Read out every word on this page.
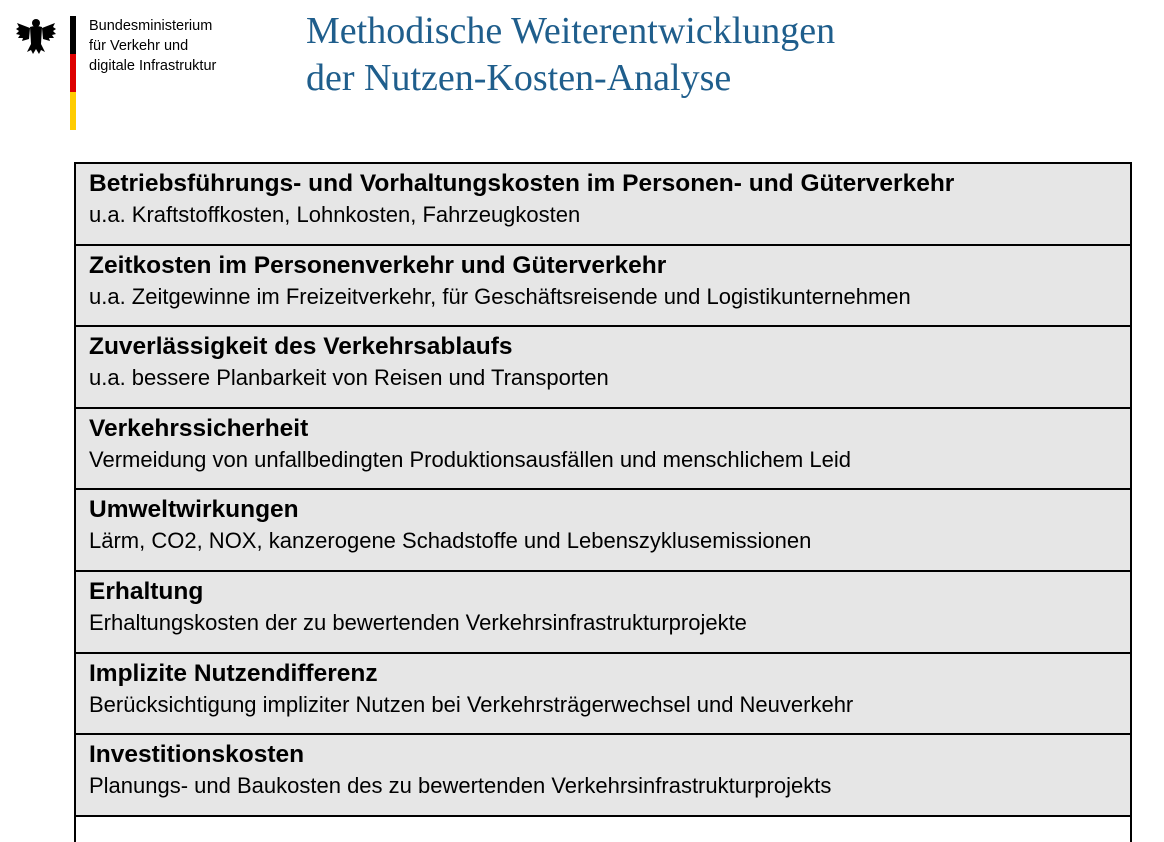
Bundesministerium
für Verkehr und
digitale Infrastruktur
Methodische Weiterentwicklungen
der Nutzen-Kosten-Analyse
Betriebsführungs- und Vorhaltungskosten im Personen- und Güterverkehr
u.a. Kraftstoffkosten, Lohnkosten, Fahrzeugkosten
Zeitkosten im Personenverkehr und Güterverkehr
u.a. Zeitgewinne im Freizeitverkehr, für Geschäftsreisende und Logistikunternehmen
Zuverlässigkeit des Verkehrsablaufs
u.a. bessere Planbarkeit von Reisen und Transporten
Verkehrssicherheit
Vermeidung von unfallbedingten Produktionsausfällen und menschlichem Leid
Umweltwirkungen
Lärm, CO2, NOX, kanzerogene Schadstoffe und Lebenszyklusemissionen
Erhaltung
Erhaltungskosten der zu bewertenden Verkehrsinfrastrukturprojekte
Implizite Nutzendifferenz
Berücksichtigung impliziter Nutzen bei Verkehrsträgerwechsel und Neuverkehr
Investitionskosten
Planungs- und Baukosten des zu bewertenden Verkehrsinfrastrukturprojekts
